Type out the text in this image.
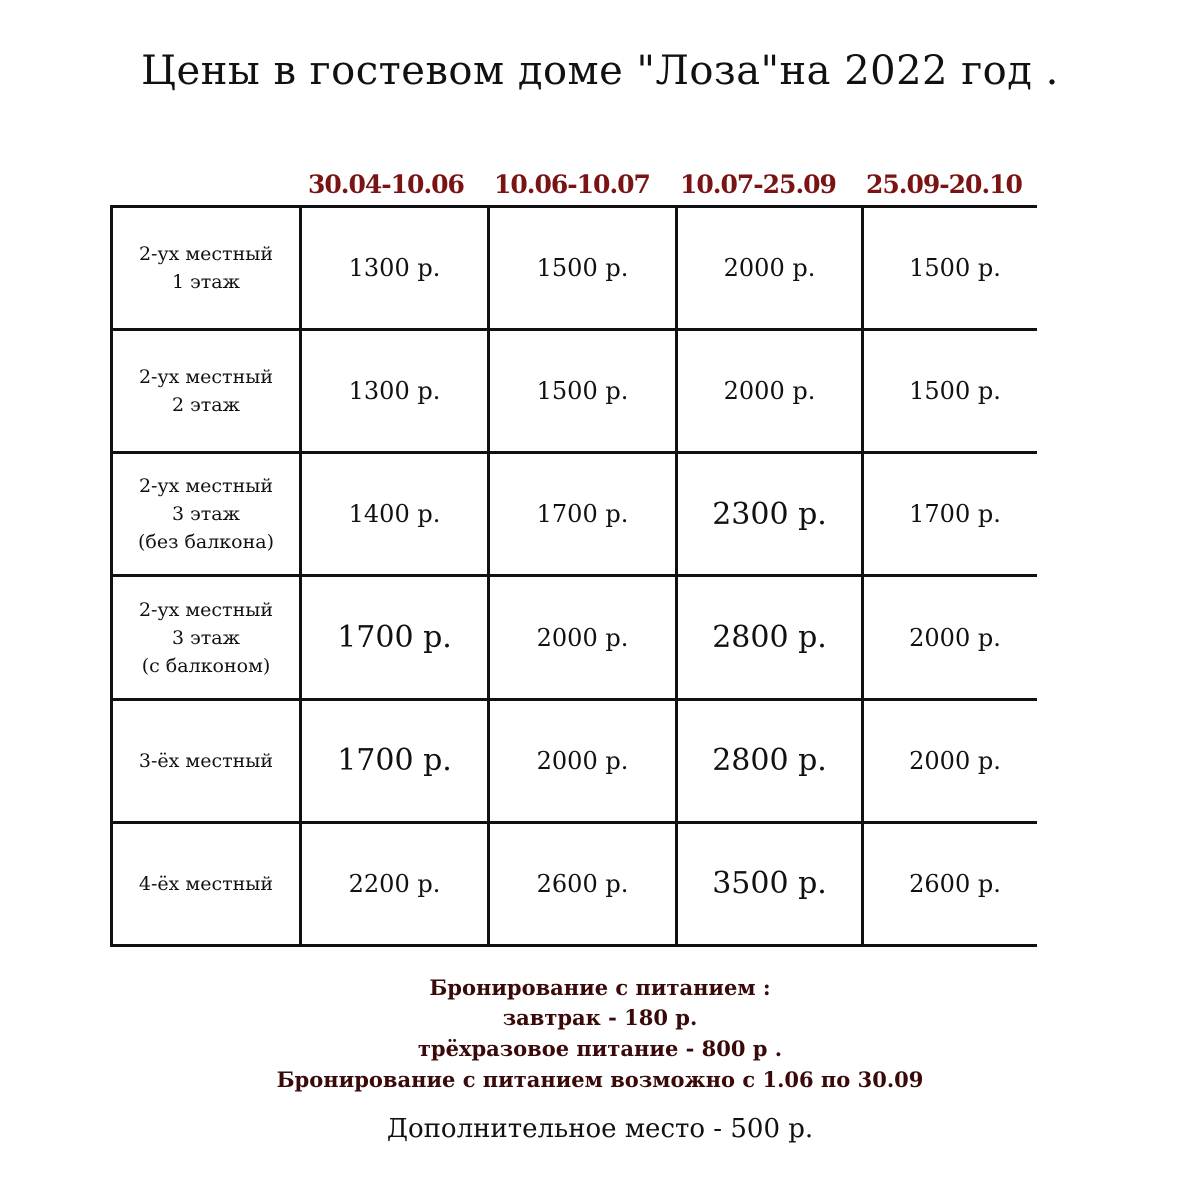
Цены в гостевом доме "Лоза"на 2022 год .
30.04-10.06 10.06-10.07 10.07-25.09 25.09-20.10
2-ух местный
1 этаж	1300 р.	1500 р.	2000 р.	1500 р.
2-ух местный
2 этаж	1300 р.	1500 р.	2000 р.	1500 р.
2-ух местный
3 этаж
(без балкона)
1400 р.	1700 р.	2300 р.	1700 р.
2-ух местный
3 этаж
(с балконом)
1700 р.	2000 р.	2800 р.	2000 р.
3-ёх местный 1700 р.	2000 р.	2800 р.	2000 р.
4-ёх местный	2200 р.	2600 р.	3500 р.	2600 р.
Бронирование с питанием :
завтрак - 180 р.
трёхразовое питание - 800 р .
Бронирование с питанием возможно с 1.06 по 30.09
Дополнительное место - 500 р.
